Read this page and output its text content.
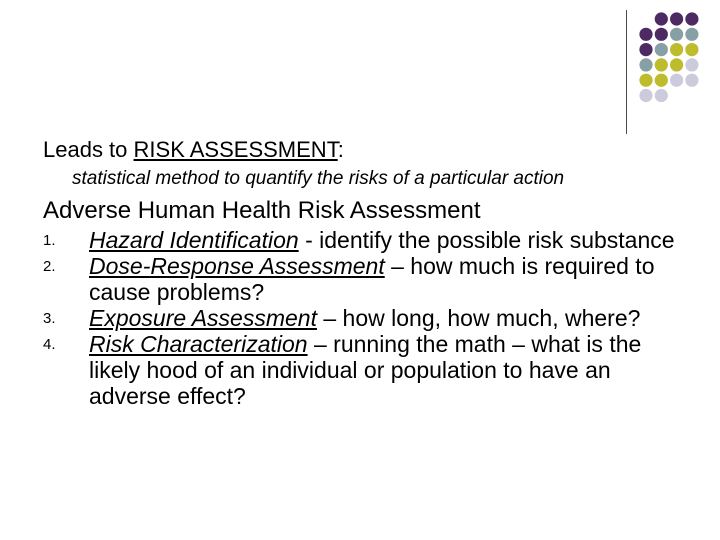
Leads to RISK ASSESSMENT:
statistical method to quantify the risks of a particular action
Adverse Human Health Risk Assessment
1. Hazard Identification - identify the possible risk substance
2. Dose-Response Assessment – how much is required to cause problems?
3. Exposure Assessment – how long, how much, where?
4. Risk Characterization – running the math – what is the likely hood of an individual or population to have an adverse effect?
